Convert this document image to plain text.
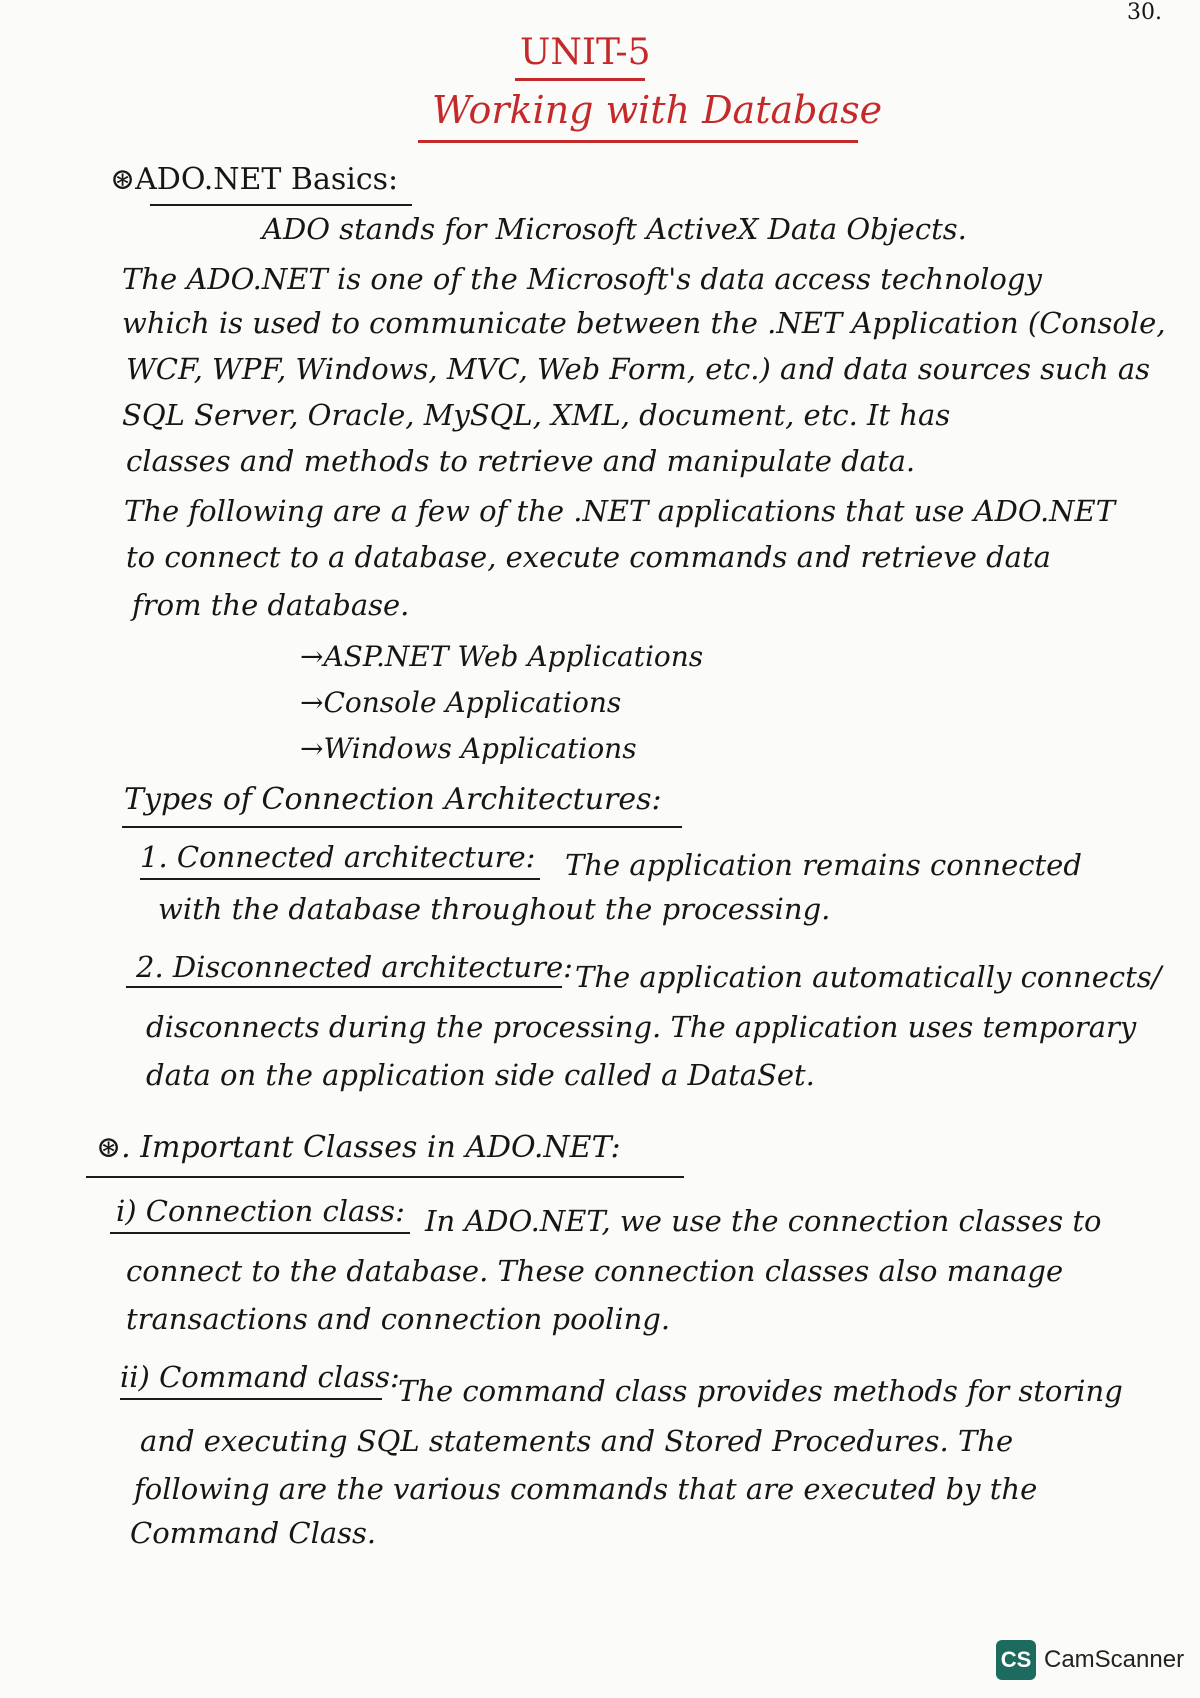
30.
UNIT-5
Working with Database
⊛ADO.NET Basics:
ADO stands for Microsoft ActiveX Data Objects.
The ADO.NET is one of the Microsoft's data access technology
which is used to communicate between the .NET Application (Console,
WCF, WPF, Windows, MVC, Web Form, etc.) and data sources such as
SQL Server, Oracle, MySQL, XML, document, etc. It has
classes and methods to retrieve and manipulate data.
The following are a few of the .NET applications that use ADO.NET
to connect to a database, execute commands and retrieve data
from the database.
→ASP.NET Web Applications
→Console Applications
→Windows Applications
Types of Connection Architectures:
1. Connected architecture: The application remains connected
with the database throughout the processing.
2. Disconnected architecture: The application automatically connects/
disconnects during the processing. The application uses temporary
data on the application side called a DataSet.
⊛. Important Classes in ADO.NET:
i) Connection class: In ADO.NET, we use the connection classes to
connect to the database. These connection classes also manage
transactions and connection pooling.
ii) Command class:
The command class provides methods for storing
and executing SQL statements and Stored Procedures. The
following are the various commands that are executed by the
Command Class.
CS CamScanner
